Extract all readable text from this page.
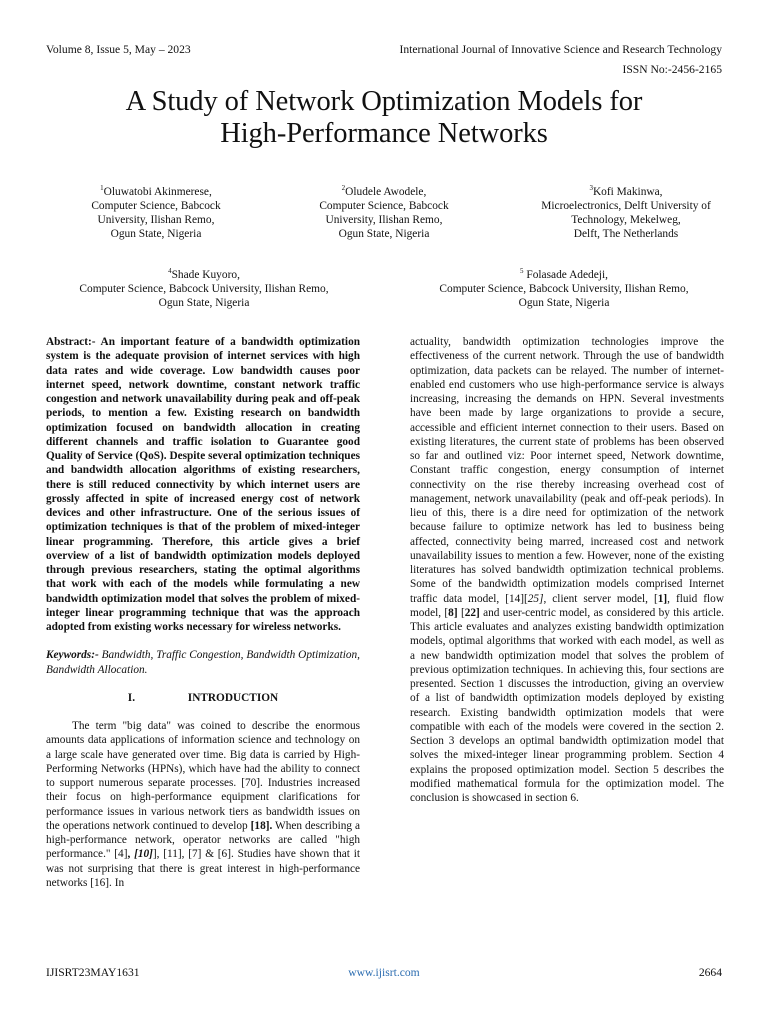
Volume 8, Issue 5, May – 2023	International Journal of Innovative Science and Research Technology
ISSN No:-2456-2165
A Study of Network Optimization Models for
High-Performance Networks
$^1$Oluwatobi Akinmerese,
Computer Science, Babcock
University, Ilishan Remo,
Ogun State, Nigeria
$^2$Oludele Awodele,
Computer Science, Babcock
University, Ilishan Remo,
Ogun State, Nigeria
$^3$Kofi Makinwa,
Microelectronics, Delft University of
Technology, Mekelweg,
Delft, The Netherlands
$^4$Shade Kuyoro,
Computer Science, Babcock University, Ilishan Remo,
Ogun State, Nigeria
$^5$ Folasade Adedeji,
Computer Science, Babcock University, Ilishan Remo,
Ogun State, Nigeria

Abstract:- An important feature of a bandwidth optimization system is the adequate provision of internet services with high data rates and wide coverage. Low bandwidth causes poor internet speed, network downtime, constant network traffic congestion and network unavailability during peak and off-peak periods, to mention a few. Existing research on bandwidth optimization focused on bandwidth allocation in creating different channels and traffic isolation to Guarantee good Quality of Service (QoS). Despite several optimization techniques and bandwidth allocation algorithms of existing researchers, there is still reduced connectivity by which internet users are grossly affected in spite of increased energy cost of network devices and other infrastructure. One of the serious issues of optimization techniques is that of the problem of mixed-integer linear programming. Therefore, this article gives a brief overview of a list of bandwidth optimization models deployed through previous researchers, stating the optimal algorithms that work with each of the models while formulating a new bandwidth optimization model that solves the problem of mixed-integer linear programming technique that was the approach adopted from existing works necessary for wireless networks.

Keywords:- Bandwidth, Traffic Congestion, Bandwidth Optimization, Bandwidth Allocation.

I.	INTRODUCTION

The term "big data" was coined to describe the enormous amounts data applications of information science and technology on a large scale have generated over time. Big data is carried by High-Performing Networks (HPNs), which have had the ability to connect to support numerous separate processes. [70]. Industries increased their focus on high-performance equipment clarifications for performance issues in various network tiers as bandwidth issues on the operations network continued to develop [18]. When describing a high-performance network, operator networks are called "high performance." [4], [10]], [11], [7] & [6]. Studies have shown that it was not surprising that there is great interest in high-performance networks [16]. In

actuality, bandwidth optimization technologies improve the effectiveness of the current network. Through the use of bandwidth optimization, data packets can be relayed. The number of internet-enabled end customers who use high-performance service is always increasing, increasing the demands on HPN. Several investments have been made by large organizations to provide a secure, accessible and efficient internet connection to their users. Based on existing literatures, the current state of problems has been observed so far and outlined viz: Poor internet speed, Network downtime, Constant traffic congestion, energy consumption of internet connectivity on the rise thereby increasing overhead cost of management, network unavailability (peak and off-peak periods). In lieu of this, there is a dire need for optimization of the network because failure to optimize network has led to business being affected, connectivity being marred, increased cost and network unavailability issues to mention a few. However, none of the existing literatures has solved bandwidth optimization technical problems. Some of the bandwidth optimization models comprised Internet traffic data model, [14][25], client server model, [1], fluid flow model, [8] [22] and user-centric model, as considered by this article. This article evaluates and analyzes existing bandwidth optimization models, optimal algorithms that worked with each model, as well as a new bandwidth optimization model that solves the problem of previous optimization techniques. In achieving this, four sections are presented. Section 1 discusses the introduction, giving an overview of a list of bandwidth optimization models deployed by existing research. Existing bandwidth optimization models that were compatible with each of the models were covered in the section 2. Section 3 develops an optimal bandwidth optimization model that solves the mixed-integer linear programming problem. Section 4 explains the proposed optimization model. Section 5 describes the modified mathematical formula for the optimization model. The conclusion is showcased in section 6.

IJISRT23MAY1631	www.ijisrt.com	2664
